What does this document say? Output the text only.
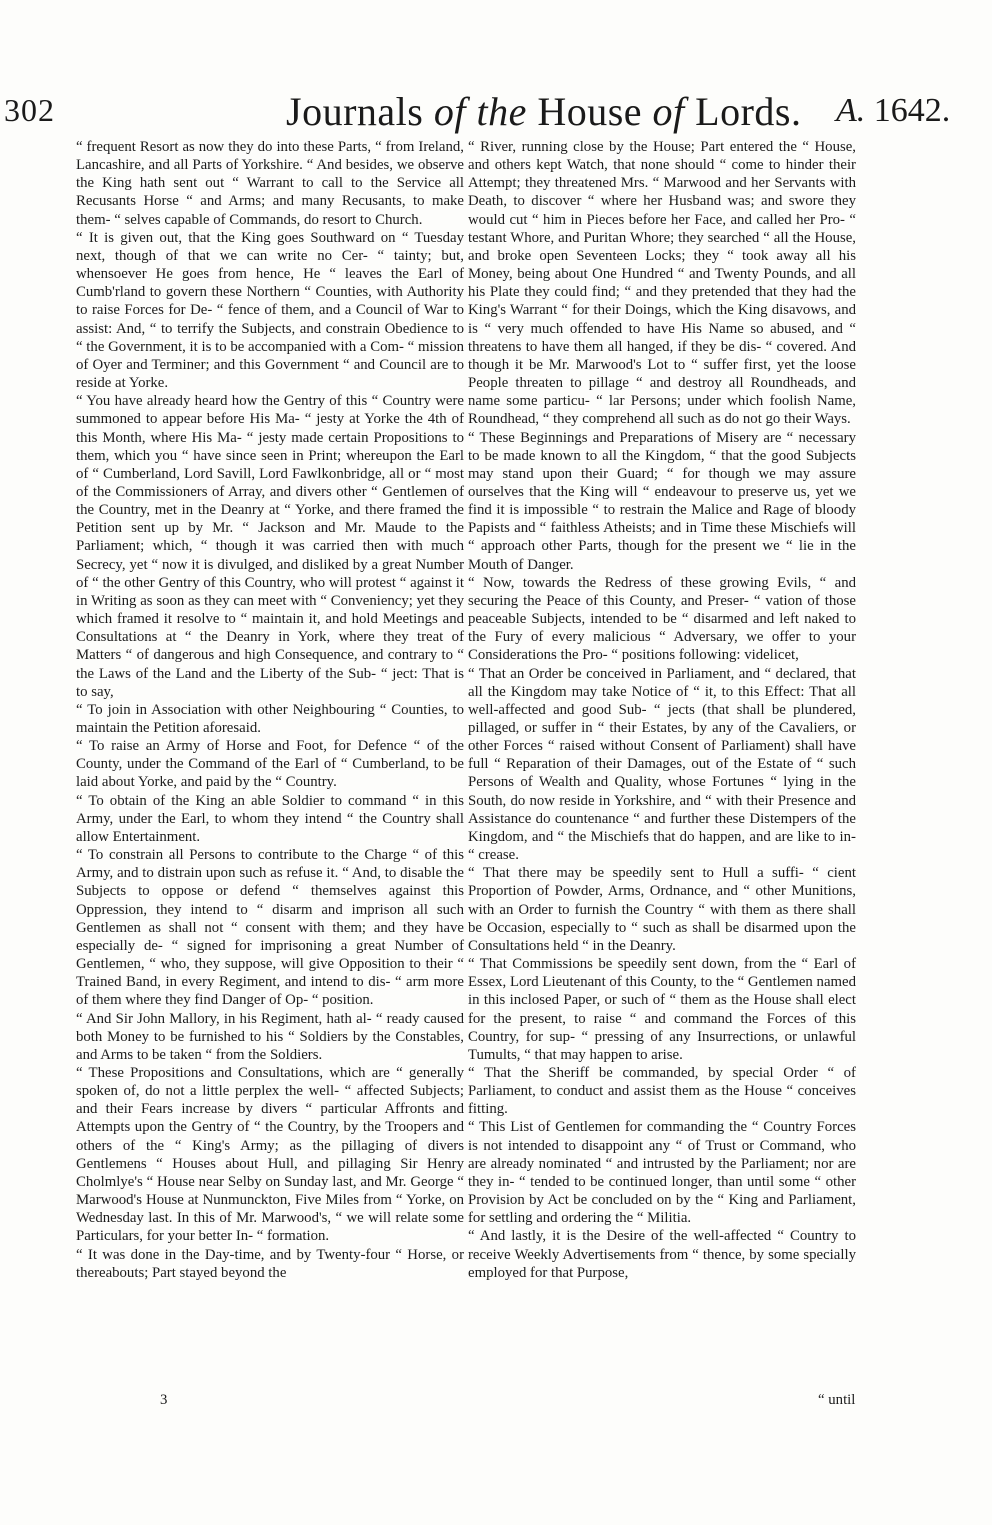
302	Journals of the House of Lords. A. 1642.

“ frequent Resort as now they do into these Parts, “ from Ireland, Lancashire, and all Parts of Yorkshire. “ And besides, we observe the King hath sent out “ Warrant to call to the Service all Recusants Horse “ and Arms; and many Recusants, to make them- “ selves capable of Commands, do resort to Church.

“ It is given out, that the King goes Southward on “ Tuesday next, though of that we can write no Cer- “ tainty; but, whensoever He goes from hence, He “ leaves the Earl of Cumb'rland to govern these Northern “ Counties, with Authority to raise Forces for De- “ fence of them, and a Council of War to assist: And, “ to terrify the Subjects, and constrain Obedience to “ the Government, it is to be accompanied with a Com- “ mission of Oyer and Terminer; and this Government “ and Council are to reside at Yorke.

“ You have already heard how the Gentry of this “ Country were summoned to appear before His Ma- “ jesty at Yorke the 4th of this Month, where His Ma- “ jesty made certain Propositions to them, which you “ have since seen in Print; whereupon the Earl of “ Cumberland, Lord Savill, Lord Fawlkonbridge, all or “ most of the Commissioners of Array, and divers other “ Gentlemen of the Country, met in the Deanry at “ Yorke, and there framed the Petition sent up by Mr. “ Jackson and Mr. Maude to the Parliament; which, “ though it was carried then with much Secrecy, yet “ now it is divulged, and disliked by a great Number of “ the other Gentry of this Country, who will protest “ against it in Writing as soon as they can meet with “ Conveniency; yet they which framed it resolve to “ maintain it, and hold Meetings and Consultations at “ the Deanry in York, where they treat of Matters “ of dangerous and high Consequence, and contrary to “ the Laws of the Land and the Liberty of the Sub- “ ject: That is to say,

“ To join in Association with other Neighbouring “ Counties, to maintain the Petition aforesaid.

“ To raise an Army of Horse and Foot, for Defence “ of the County, under the Command of the Earl of “ Cumberland, to be laid about Yorke, and paid by the “ Country.

“ To obtain of the King an able Soldier to command “ in this Army, under the Earl, to whom they intend “ the Country shall allow Entertainment.

“ To constrain all Persons to contribute to the Charge “ of this Army, and to distrain upon such as refuse it. “ And, to disable the Subjects to oppose or defend “ themselves against this Oppression, they intend to “ disarm and imprison all such Gentlemen as shall not “ consent with them; and they have especially de- “ signed for imprisoning a great Number of Gentlemen, “ who, they suppose, will give Opposition to their “ Trained Band, in every Regiment, and intend to dis- “ arm more of them where they find Danger of Op- “ position.

“ And Sir John Mallory, in his Regiment, hath al- “ ready caused both Money to be furnished to his “ Soldiers by the Constables, and Arms to be taken “ from the Soldiers.

“ These Propositions and Consultations, which are “ generally spoken of, do not a little perplex the well- “ affected Subjects; and their Fears increase by divers “ particular Affronts and Attempts upon the Gentry of “ the Country, by the Troopers and others of the “ King's Army; as the pillaging of divers Gentlemens “ Houses about Hull, and pillaging Sir Henry Cholmlye's “ House near Selby on Sunday last, and Mr. George “ Marwood's House at Nunmunckton, Five Miles from “ Yorke, on Wednesday last. In this of Mr. Marwood's, “ we will relate some Particulars, for your better In- “ formation.

“ It was done in the Day-time, and by Twenty-four “ Horse, or thereabouts; Part stayed beyond the

“ River, running close by the House; Part entered the “ House, and others kept Watch, that none should “ come to hinder their Attempt; they threatened Mrs. “ Marwood and her Servants with Death, to discover “ where her Husband was; and swore they would cut “ him in Pieces before her Face, and called her Pro- “ testant Whore, and Puritan Whore; they searched “ all the House, and broke open Seventeen Locks; they “ took away all his Money, being about One Hundred “ and Twenty Pounds, and all his Plate they could find; “ and they pretended that they had the King's Warrant “ for their Doings, which the King disavows, and is “ very much offended to have His Name so abused, and “ threatens to have them all hanged, if they be dis- “ covered. And though it be Mr. Marwood's Lot to “ suffer first, yet the loose People threaten to pillage “ and destroy all Roundheads, and name some particu- “ lar Persons; under which foolish Name, Roundhead, “ they comprehend all such as do not go their Ways.

“ These Beginnings and Preparations of Misery are “ necessary to be made known to all the Kingdom, “ that the good Subjects may stand upon their Guard; “ for though we may assure ourselves that the King will “ endeavour to preserve us, yet we find it is impossible “ to restrain the Malice and Rage of bloody Papists and “ faithless Atheists; and in Time these Mischiefs will “ approach other Parts, though for the present we “ lie in the Mouth of Danger.

“ Now, towards the Redress of these growing Evils, “ and securing the Peace of this County, and Preser- “ vation of those peaceable Subjects, intended to be “ disarmed and left naked to the Fury of every malicious “ Adversary, we offer to your Considerations the Pro- “ positions following: videlicet,

“ That an Order be conceived in Parliament, and “ declared, that all the Kingdom may take Notice of “ it, to this Effect: That all well-affected and good Sub- “ jects (that shall be plundered, pillaged, or suffer in “ their Estates, by any of the Cavaliers, or other Forces “ raised without Consent of Parliament) shall have full “ Reparation of their Damages, out of the Estate of “ such Persons of Wealth and Quality, whose Fortunes “ lying in the South, do now reside in Yorkshire, and “ with their Presence and Assistance do countenance “ and further these Distempers of the Kingdom, and “ the Mischiefs that do happen, and are like to in- “ crease.

“ That there may be speedily sent to Hull a suffi- “ cient Proportion of Powder, Arms, Ordnance, and “ other Munitions, with an Order to furnish the Country “ with them as there shall be Occasion, especially to “ such as shall be disarmed upon the Consultations held “ in the Deanry.

“ That Commissions be speedily sent down, from the “ Earl of Essex, Lord Lieutenant of this County, to the “ Gentlemen named in this inclosed Paper, or such of “ them as the House shall elect for the present, to raise “ and command the Forces of this Country, for sup- “ pressing of any Insurrections, or unlawful Tumults, “ that may happen to arise.

“ That the Sheriff be commanded, by special Order “ of Parliament, to conduct and assist them as the House “ conceives fitting.

“ This List of Gentlemen for commanding the “ Country Forces is not intended to disappoint any “ of Trust or Command, who are already nominated “ and intrusted by the Parliament; nor are they in- “ tended to be continued longer, than until some “ other Provision by Act be concluded on by the “ King and Parliament, for settling and ordering the “ Militia.

“ And lastly, it is the Desire of the well-affected “ Country to receive Weekly Advertisements from “ thence, by some specially employed for that Purpose,

3	“ until
